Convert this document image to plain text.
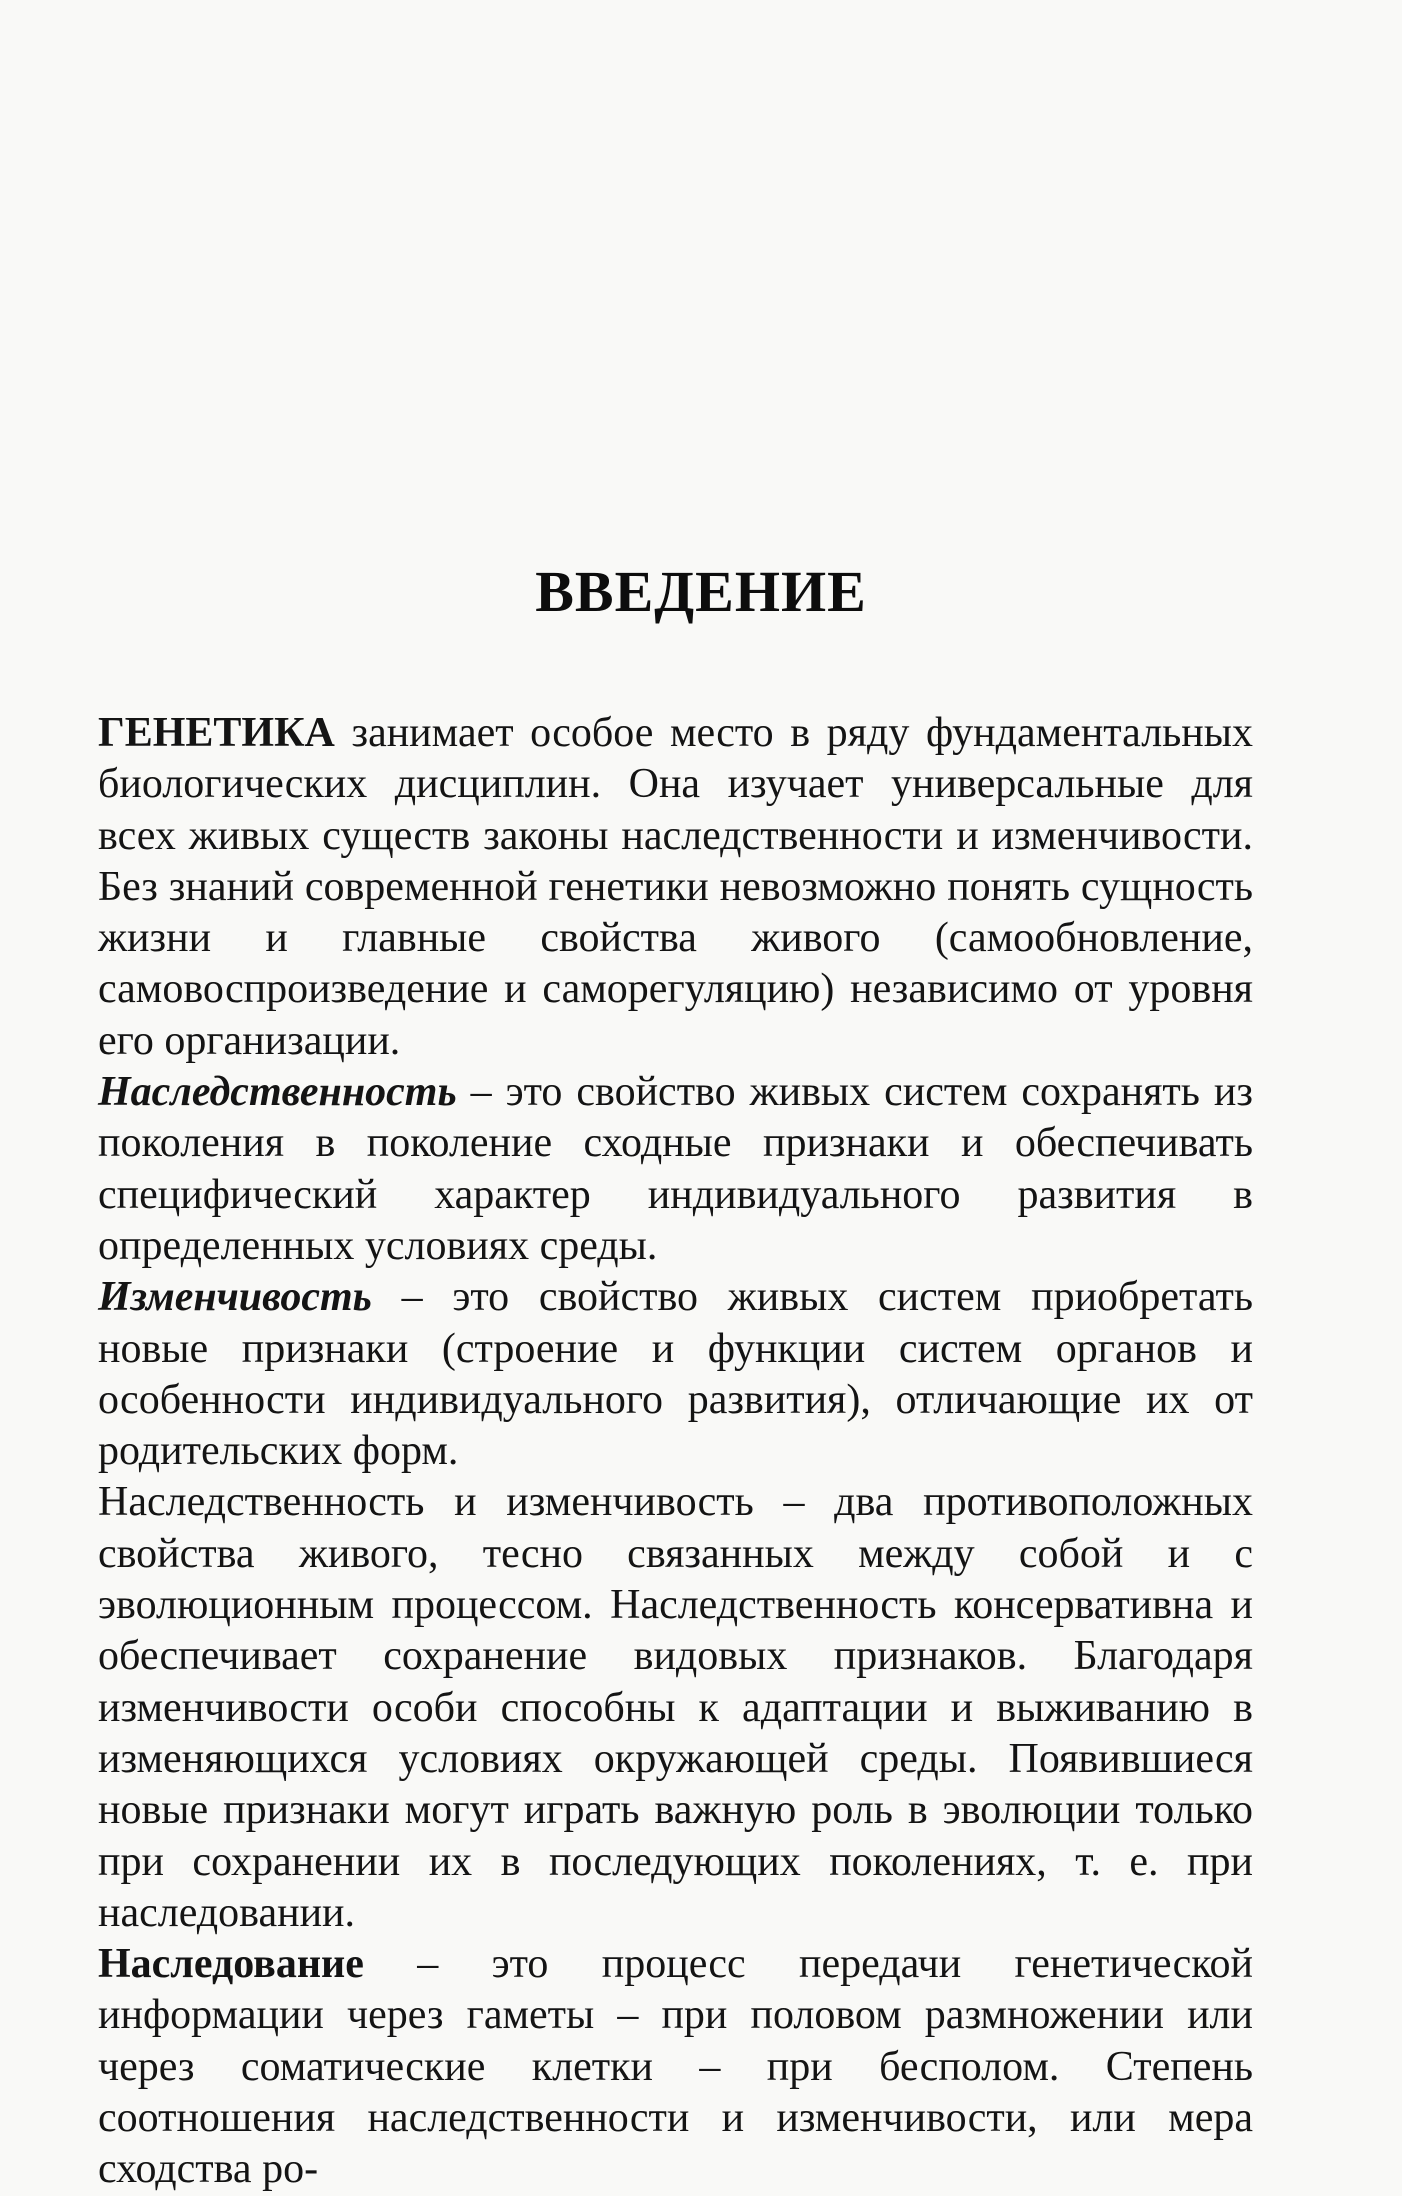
ВВЕДЕНИЕ

ГЕНЕТИКА занимает особое место в ряду фундаментальных биологических дисциплин. Она изучает универсальные для всех живых существ законы наследственности и изменчивости. Без знаний современной генетики невозможно понять сущность жизни и главные свойства живого (самообновление, самовоспроизведение и саморегуляцию) независимо от уровня его организации.

Наследственность – это свойство живых систем сохранять из поколения в поколение сходные признаки и обеспечивать специфический характер индивидуального развития в определенных условиях среды.

Изменчивость – это свойство живых систем приобретать новые признаки (строение и функции систем органов и особенности индивидуального развития), отличающие их от родительских форм.

Наследственность и изменчивость – два противоположных свойства живого, тесно связанных между собой и с эволюционным процессом. Наследственность консервативна и обеспечивает сохранение видовых признаков. Благодаря изменчивости особи способны к адаптации и выживанию в изменяющихся условиях окружающей среды. Появившиеся новые признаки могут играть важную роль в эволюции только при сохранении их в последующих поколениях, т. е. при наследовании.

Наследование – это процесс передачи генетической информации через гаметы – при половом размножении или через соматические клетки – при бесполом. Степень соотношения наследственности и изменчивости, или мера сходства ро-
